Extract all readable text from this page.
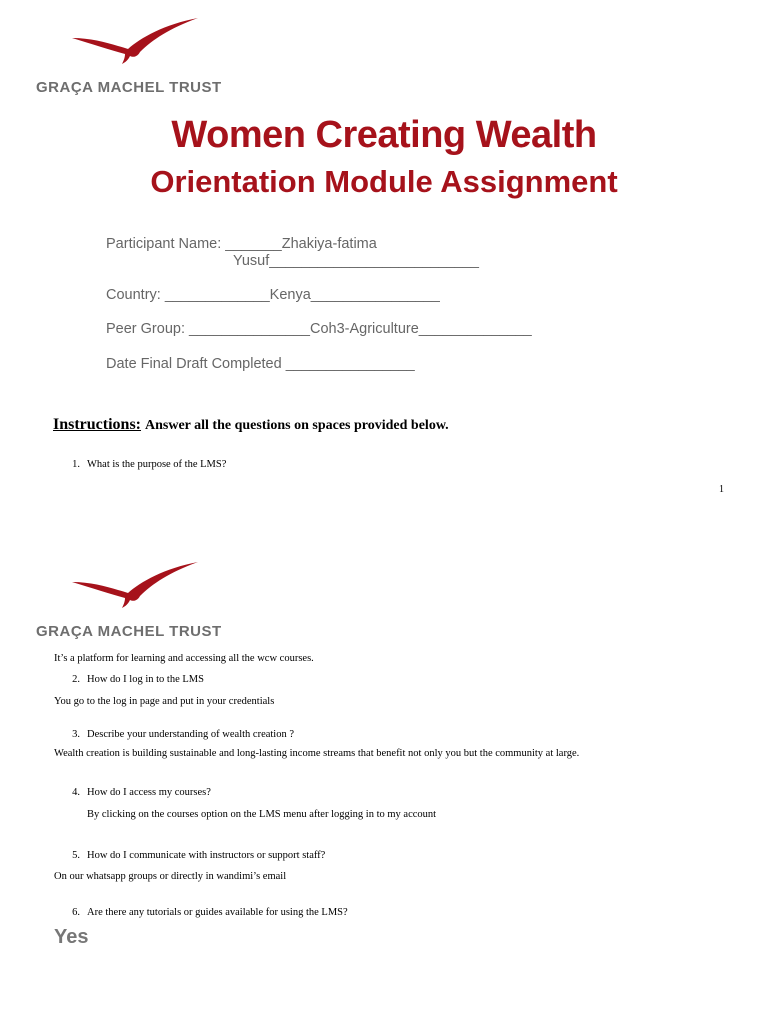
GRAÇA MACHEL TRUST
Women Creating Wealth
Orientation Module Assignment
Participant Name: _______Zhakiya-fatima
Yusuf__________________________
Country: _____________Kenya________________
Peer Group: _______________Coh3-Agriculture______________
Date Final Draft Completed ________________
Instructions: Answer all the questions on spaces provided below.
1. What is the purpose of the LMS?
1
GRAÇA MACHEL TRUST
It’s a platform for learning and accessing all the wcw courses.
2. How do I log in to the LMS
You go to the log in page and put in your credentials
3. Describe your understanding of wealth creation ?
Wealth creation is building sustainable and long-lasting income streams that benefit not only you but the community at large.
4. How do I access my courses?
By clicking on the courses option on the LMS menu after logging in to my account
5. How do I communicate with instructors or support staff?
On our whatsapp groups or directly in wandimi’s email
6. Are there any tutorials or guides available for using the LMS?
Yes
